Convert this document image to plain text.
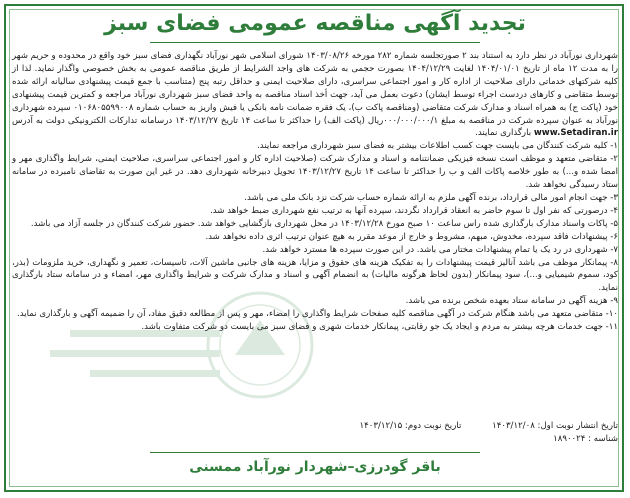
تجدید آگهی مناقصه عمومی فضای سبز

شهرداری نورآباد در نظر دارد به استناد بند ۲ صورتجلسه شماره ۲۸۲ مورخه ۱۴۰۳/۰۸/۲۶ شورای اسلامی شهر نورآباد نگهداری فضای سبز خود واقع در محدوده و حریم شهر را به مدت ۱۲ ماه از تاریخ ۱۴۰۴/۰۱/۰۱ لغایت ۱۴۰۴/۱۲/۲۹ بصورت حجمی به شرکت های واجد الشرایط از طریق مناقصه عمومی به بخش خصوصی واگذار نماید. لذا از کلیه شرکتهای خدماتی دارای صلاحیت از اداره کار و امور اجتماعی سراسری، دارای صلاحیت ایمنی و حداقل رتبه پنج (متناسب با جمع قیمت پیشنهادی سالیانه ارائه شده توسط متقاضی و کارهای دردست اجراء توسط ایشان) دعوت بعمل می آید، جهت أخذ اسناد مناقصه به واحد فضای سبز شهرداری نورآباد مراجعه و کمترین قیمت پیشنهادی خود (پاکت ج) به همراه اسناد و مدارک شرکت متقاضی (ومناقصه پاکت ب)، یک فقره ضمانت نامه بانکی یا فیش واریز به حساب شماره ۰۱۰۶۸۰۵۵۹۹۰۰۸ سپرده شهرداری نورآباد به عنوان سپرده شرکت در مناقصه به مبلغ ۰۰۰/۰۰۰/۰۰۰/۱ریال (پاکت الف) را حداکثر تا ساعت ۱۴ تاریخ ۱۴۰۳/۱۲/۲۷ درسامانه تدارکات الکترونیکی دولت به آدرس www.Setadiran.ir بارگذاری نمایند.

۱- کلیه شرکت کنندگان می بایست جهت کسب اطلاعات بیشتر به فضای سبز شهرداری مراجعه نمایند.

۲- متقاضی متعهد و موظف است نسخه فیزیکی ضمانتنامه و اسناد و مدارک شرکت (صلاحیت اداره کار و امور اجتماعی سراسری، صلاحیت ایمنی، شرایط واگذاری مهر و امضا شده و...) به طور خلاصه پاکات الف و ب را حداکثر تا ساعت ۱۴ تاریخ ۱۴۰۳/۱۲/۲۷ تحویل دبیرخانه شهرداری دهد. در غیر این صورت به تقاضای نامبرده در سامانه ستاد رسیدگی نخواهد شد.

۳- جهت انجام امور مالی قرارداد، برنده آگهی ملزم به ارائه شماره حساب شرکت نزد بانک ملی می باشد.

۴- درصورتی که نفر اول تا سوم حاضر به انعقاد قرارداد نگردند، سپرده آنها به ترتیب نفع شهرداری ضبط خواهد شد.

۵- پاکات واسناد مدارک بارگذاری شده راس ساعت ۱۰ صبح مورخ ۱۴۰۳/۱۲/۲۸ در محل شهرداری بازگشایی خواهد شد. حضور شرکت کنندگان در جلسه آزاد می باشد.

۶- پیشنهادات فاقد سپرده، مخدوش، مبهم، مشروط و خارج از موعد مقرر به هیچ عنوان ترتیب اثری داده نخواهد شد.

۷- شهرداری در رد یک یا تمام پیشنهادات مختار می باشد. در این صورت سپرده ها مسترد خواهد شد.

۸- پیمانکار موظف می باشد آنالیز قیمت پیشنهادات را به تفکیک هزینه های حقوق و مزایا، هزینه های جانبی ماشین آلات، تاسیسات، تعمیر و نگهداری، خرید ملزومات (بذر، کود، سموم شیمیایی و...)، سود پیمانکار (بدون لحاظ هرگونه مالیات) به انضمام آگهی و اسناد و مدارک شرکت و شرایط واگذاری مهر، امضاء و در سامانه ستاد بارگذاری نماید.

۹- هزینه آگهی در سامانه ستاد بعهده شخص برنده می باشد.

۱۰- متقاضی متعهد می باشد هنگام شرکت در آگهی مناقصه کلیه صفحات شرایط واگذاری را امضاء، مهر و پس از مطالعه دقیق مفاد، آن را ضمیمه آگهی و بارگذاری نماید.

۱۱- جهت خدمات هرچه بیشتر به مردم و ایجاد یک جو رقابتی، پیمانکار خدمات شهری و فضای سبز می بایست دو شرکت متفاوت باشد.

تاریخ انتشار نوبت اول: ۱۴۰۳/۱۲/۰۸ تاریخ نوبت دوم: ۱۴۰۳/۱۲/۱۵
شناسه : ۱۸۹۰۰۲۴
باقر گودرزی–شهردار نورآباد ممسنی
